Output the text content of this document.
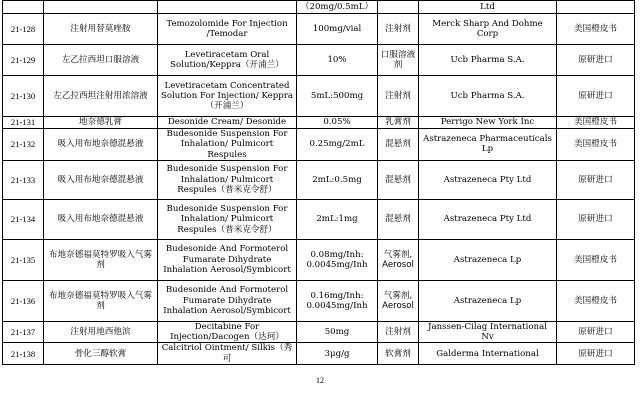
			（20mg/0.5mL）		Ltd	
21-128	注射用替莫唑胺	Temozolomide For Injection /Temodar	100mg/vial	注射剂	Merck Sharp And Dohme Corp	美国橙皮书
21-129	左乙拉西坦口服溶液	Levetiracetam Oral Solution/Keppra（开浦兰）	10%	口服溶液剂	Ucb Pharma S.A.	原研进口
21-130	左乙拉西坦注射用浓溶液	Levetiracetam Concentrated Solution For Injection/ Keppra（开浦兰）	5mL:500mg	注射剂	Ucb Pharma S.A.	原研进口
21-131	地奈德乳膏	Desonide Cream/ Desonide	0.05%	乳膏剂	Perrigo New York Inc	美国橙皮书
21-132	吸入用布地奈德混悬液	Budesonide Suspension For Inhalation/ Pulmicort Respules	0.25mg/2mL	混悬剂	Astrazeneca Pharmaceuticals Lp	美国橙皮书
21-133	吸入用布地奈德混悬液	Budesonide Suspension For Inhalation/ Pulmicort Respules（普米克令舒）	2mL:0.5mg	混悬剂	Astrazeneca Pty Ltd	原研进口
21-134	吸入用布地奈德混悬液	Budesonide Suspension For Inhalation/ Pulmicort Respules（普米克令舒）	2mL:1mg	混悬剂	Astrazeneca Pty Ltd	原研进口
21-135	布地奈德福莫特罗吸入气雾剂	Budesonide And Formoterol Fumarate Dihydrate Inhalation Aerosol/Symbicort	0.08mg/Inh: 0.0045mg/Inh	气雾剂, Aerosol	Astrazeneca Lp	美国橙皮书
21-136	布地奈德福莫特罗吸入气雾剂	Budesonide And Formoterol Fumarate Dihydrate Inhalation Aerosol/Symbicort	0.16mg/Inh: 0.0045mg/Inh	气雾剂, Aerosol	Astrazeneca Lp	美国橙皮书
21-137	注射用地西他滨	Decitabine For Injection/Dacogen（达珂）	50mg	注射剂	Janssen-Cilag International Nv	原研进口
21-138	骨化三醇软膏	Calcitriol Ointment/ Silkis（秀可	3μg/g	软膏剂	Galderma International	原研进口
12
